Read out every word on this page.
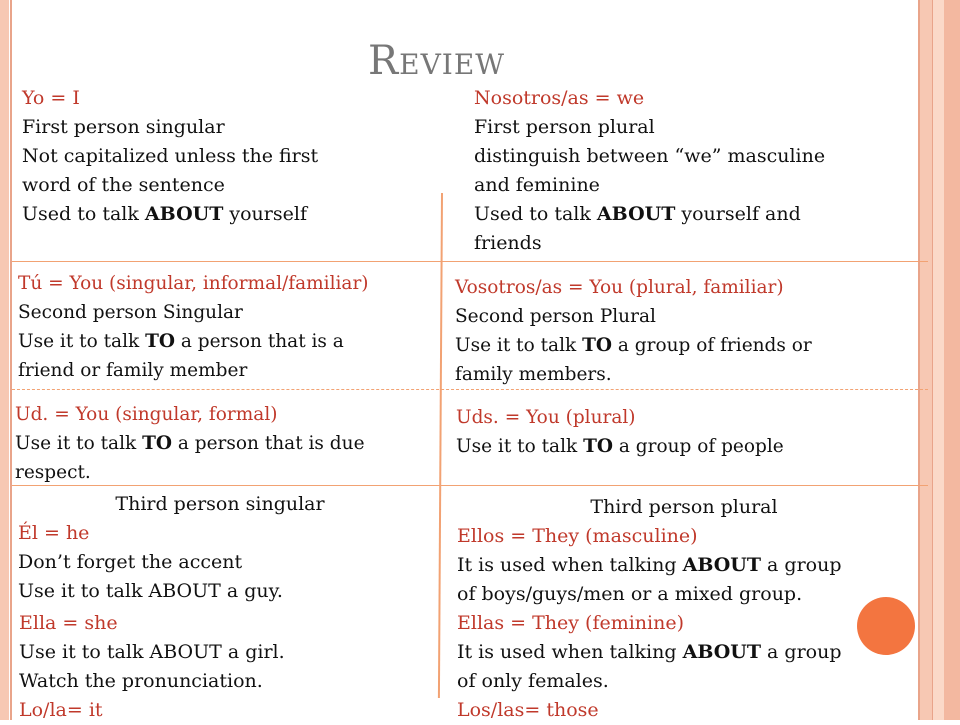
REVIEW
Yo = I
First person singular
Not capitalized unless the first
word of the sentence
Used to talk ABOUT yourself
Nosotros/as = we
First person plural
distinguish between “we” masculine
and feminine
Used to talk ABOUT yourself and
friends
Tú = You (singular, informal/familiar)
Second person Singular
Use it to talk TO a person that is a
friend or family member
Vosotros/as = You (plural, familiar)
Second person Plural
Use it to talk TO a group of friends or
family members.
Ud. = You (singular, formal)
Use it to talk TO a person that is due
respect.
Uds. = You (plural)
Use it to talk TO a group of people
Third person singular
Él = he
Don’t forget the accent
Use it to talk ABOUT a guy.
Ella = she
Use it to talk ABOUT a girl.
Watch the pronunciation.
Lo/la= it
Third person plural
Ellos = They (masculine)
It is used when talking ABOUT a group
of boys/guys/men or a mixed group.
Ellas = They (feminine)
It is used when talking ABOUT a group
of only females.
Los/las= those
